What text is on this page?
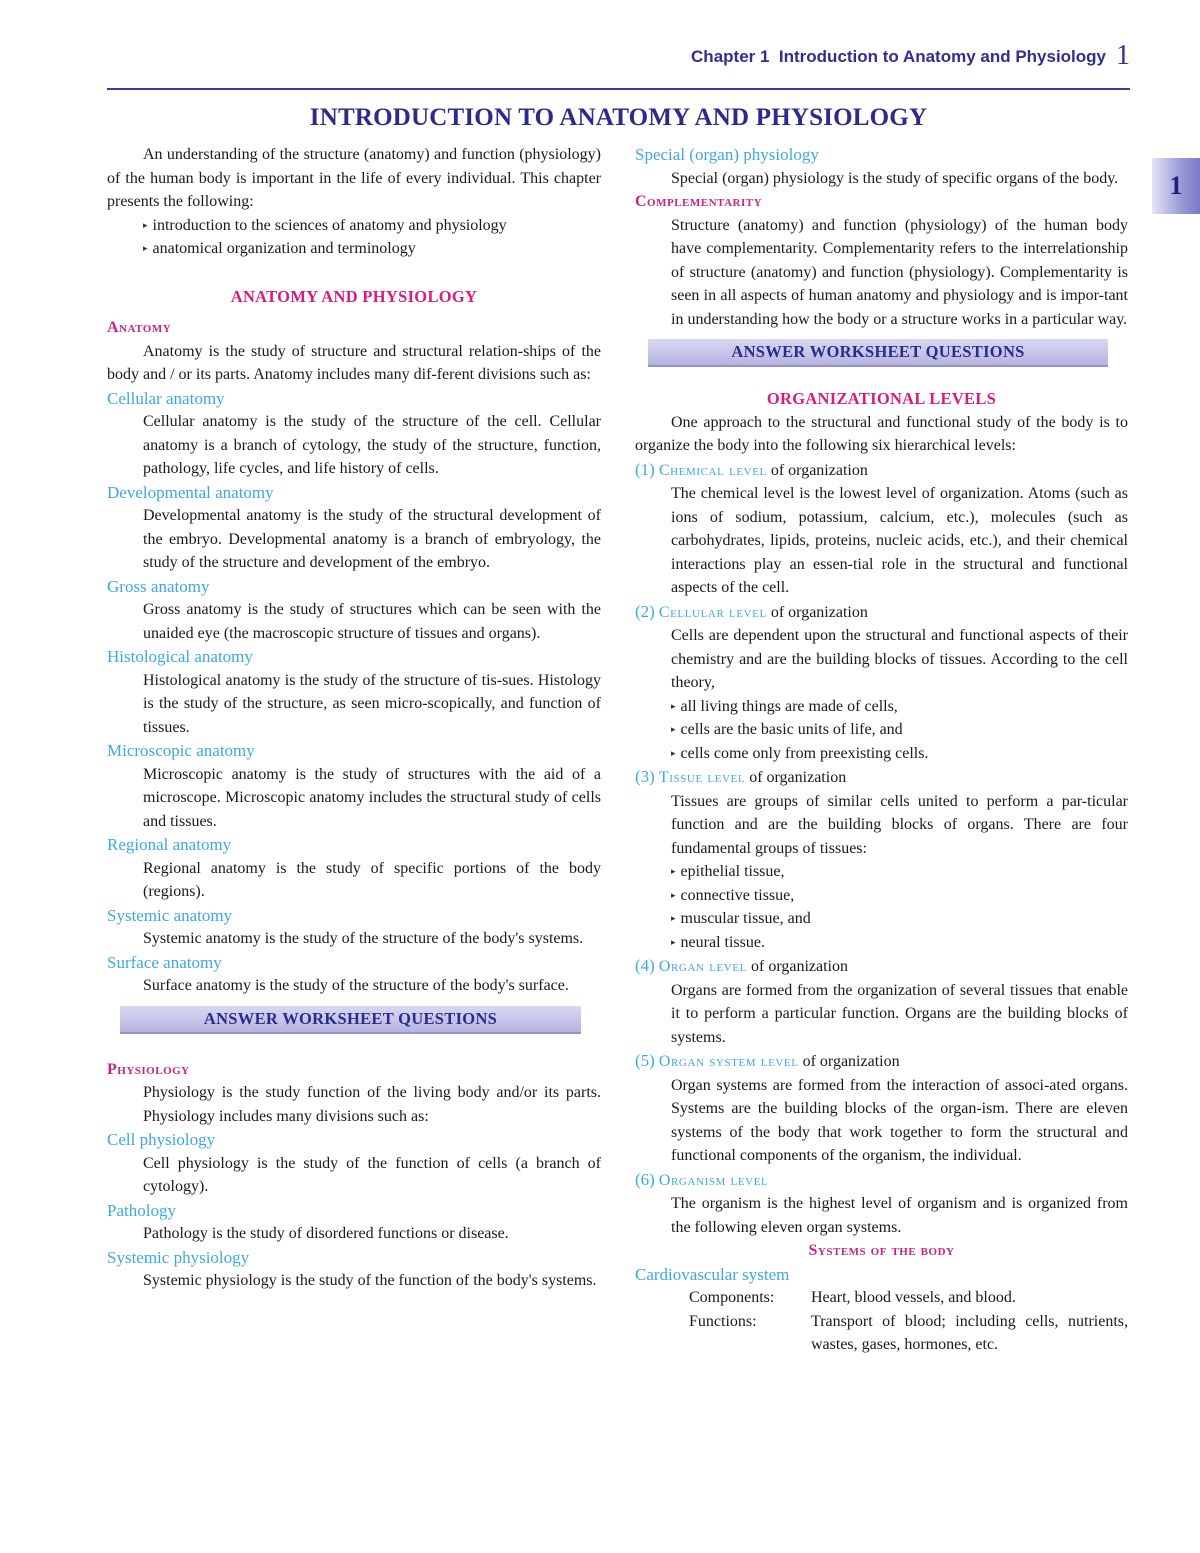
Chapter 1 Introduction to Anatomy and Physiology 1
1
INTRODUCTION TO ANATOMY AND PHYSIOLOGY

An understanding of the structure (anatomy) and function (physiology) of the human body is important in the life of every individual. This chapter presents the following:

▸ introduction to the sciences of anatomy and physiology

▸ anatomical organization and terminology

ANATOMY AND PHYSIOLOGY

Anatomy

Anatomy is the study of structure and structural relation-ships of the body and / or its parts. Anatomy includes many dif-ferent divisions such as:

Cellular anatomy

Cellular anatomy is the study of the structure of the cell. Cellular anatomy is a branch of cytology, the study of the structure, function, pathology, life cycles, and life history of cells.

Developmental anatomy

Developmental anatomy is the study of the structural development of the embryo. Developmental anatomy is a branch of embryology, the study of the structure and development of the embryo.

Gross anatomy

Gross anatomy is the study of structures which can be seen with the unaided eye (the macroscopic structure of tissues and organs).

Histological anatomy

Histological anatomy is the study of the structure of tis-sues. Histology is the study of the structure, as seen micro-scopically, and function of tissues.

Microscopic anatomy

Microscopic anatomy is the study of structures with the aid of a microscope. Microscopic anatomy includes the structural study of cells and tissues.

Regional anatomy

Regional anatomy is the study of specific portions of the body (regions).

Systemic anatomy

Systemic anatomy is the study of the structure of the body's systems.

Surface anatomy

Surface anatomy is the study of the structure of the body's surface.

ANSWER WORKSHEET QUESTIONS

Physiology

Physiology is the study function of the living body and/or its parts. Physiology includes many divisions such as:

Cell physiology

Cell physiology is the study of the function of cells (a branch of cytology).

Pathology

Pathology is the study of disordered functions or disease.

Systemic physiology

Systemic physiology is the study of the function of the body's systems.

Special (organ) physiology

Special (organ) physiology is the study of specific organs of the body.

Complementarity

Structure (anatomy) and function (physiology) of the human body have complementarity. Complementarity refers to the interrelationship of structure (anatomy) and function (physiology). Complementarity is seen in all aspects of human anatomy and physiology and is impor-tant in understanding how the body or a structure works in a particular way.

ANSWER WORKSHEET QUESTIONS

ORGANIZATIONAL LEVELS

One approach to the structural and functional study of the body is to organize the body into the following six hierarchical levels:

(1) Chemical level of organization

The chemical level is the lowest level of organization. Atoms (such as ions of sodium, potassium, calcium, etc.), molecules (such as carbohydrates, lipids, proteins, nucleic acids, etc.), and their chemical interactions play an essen-tial role in the structural and functional aspects of the cell.

(2) Cellular level of organization

Cells are dependent upon the structural and functional aspects of their chemistry and are the building blocks of tissues. According to the cell theory,

▸ all living things are made of cells,

▸ cells are the basic units of life, and

▸ cells come only from preexisting cells.

(3) Tissue level of organization

Tissues are groups of similar cells united to perform a par-ticular function and are the building blocks of organs. There are four fundamental groups of tissues:

▸ epithelial tissue,

▸ connective tissue,

▸ muscular tissue, and

▸ neural tissue.

(4) Organ level of organization

Organs are formed from the organization of several tissues that enable it to perform a particular function. Organs are the building blocks of systems.

(5) Organ system level of organization

Organ systems are formed from the interaction of associ-ated organs. Systems are the building blocks of the organ-ism. There are eleven systems of the body that work together to form the structural and functional components of the organism, the individual.

(6) Organism level

The organism is the highest level of organism and is organized from the following eleven organ systems.

Systems of the body

Cardiovascular system

Components:	Heart, blood vessels, and blood.
Functions:	Transport of blood; including cells, nutrients, wastes, gases, hormones, etc.
